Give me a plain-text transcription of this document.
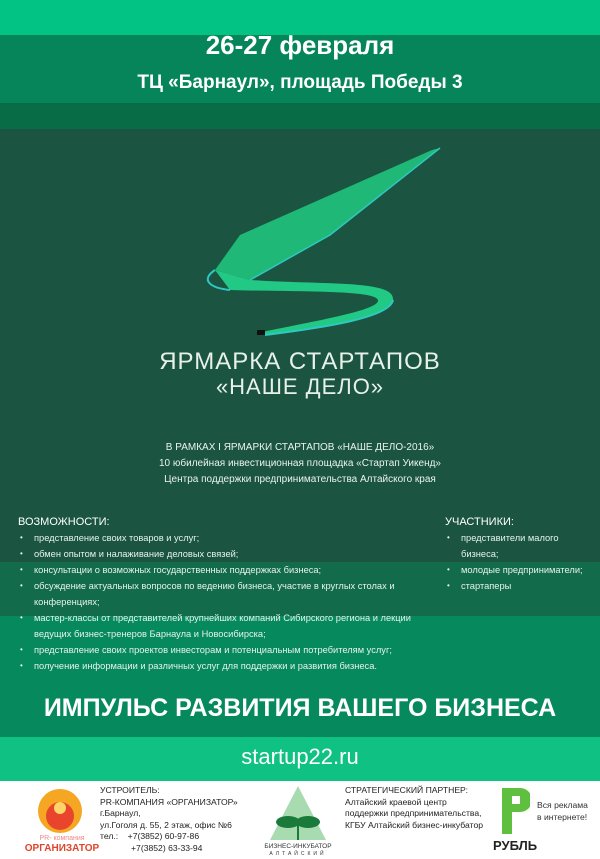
26-27 февраля
ТЦ «Барнаул», площадь Победы 3
ЯРМАРКА СТАРТАПОВ
«НАШЕ ДЕЛО»
В РАМКАХ I ЯРМАРКИ СТАРТАПОВ «НАШЕ ДЕЛО-2016»
10 юбилейная инвестиционная площадка «Стартап Уикенд»
Центра поддержки предпринимательства Алтайского края
ВОЗМОЖНОСТИ:
• представление своих товаров и услуг;
• обмен опытом и налаживание деловых связей;
• консультации о возможных государственных поддержках бизнеса;
• обсуждение актуальных вопросов по ведению бизнеса, участие в круглых столах и конференциях;
• мастер-классы от представителей крупнейших компаний Сибирского региона и лекции ведущих бизнес-тренеров Барнаула и Новосибирска;
• представление своих проектов инвесторам и потенциальным потребителям услуг;
• получение информации и различных услуг для поддержки и развития бизнеса.
УЧАСТНИКИ:
• представители малого бизнеса;
• молодые предприниматели;
• стартаперы
ИМПУЛЬС РАЗВИТИЯ ВАШЕГО БИЗНЕСА
startup22.ru
PR- компания
ОРГАНИЗАТОР
УСТРОИТЕЛЬ:
PR-КОМПАНИЯ «ОРГАНИЗАТОР»
г.Барнаул,
ул.Гоголя д. 55, 2 этаж, офис №6
тел.:    +7(3852) 60-97-86
+7(3852) 63-33-94	БИЗНЕС-ИНКУБАТОР
АЛТАЙСКИЙ
СТРАТЕГИЧЕСКИЙ ПАРТНЕР:
Алтайский краевой центр
поддержки предпринимательства,
КГБУ Алтайский бизнес-инкубатор
РУБЛЬ
Вся реклама
в интернете!
